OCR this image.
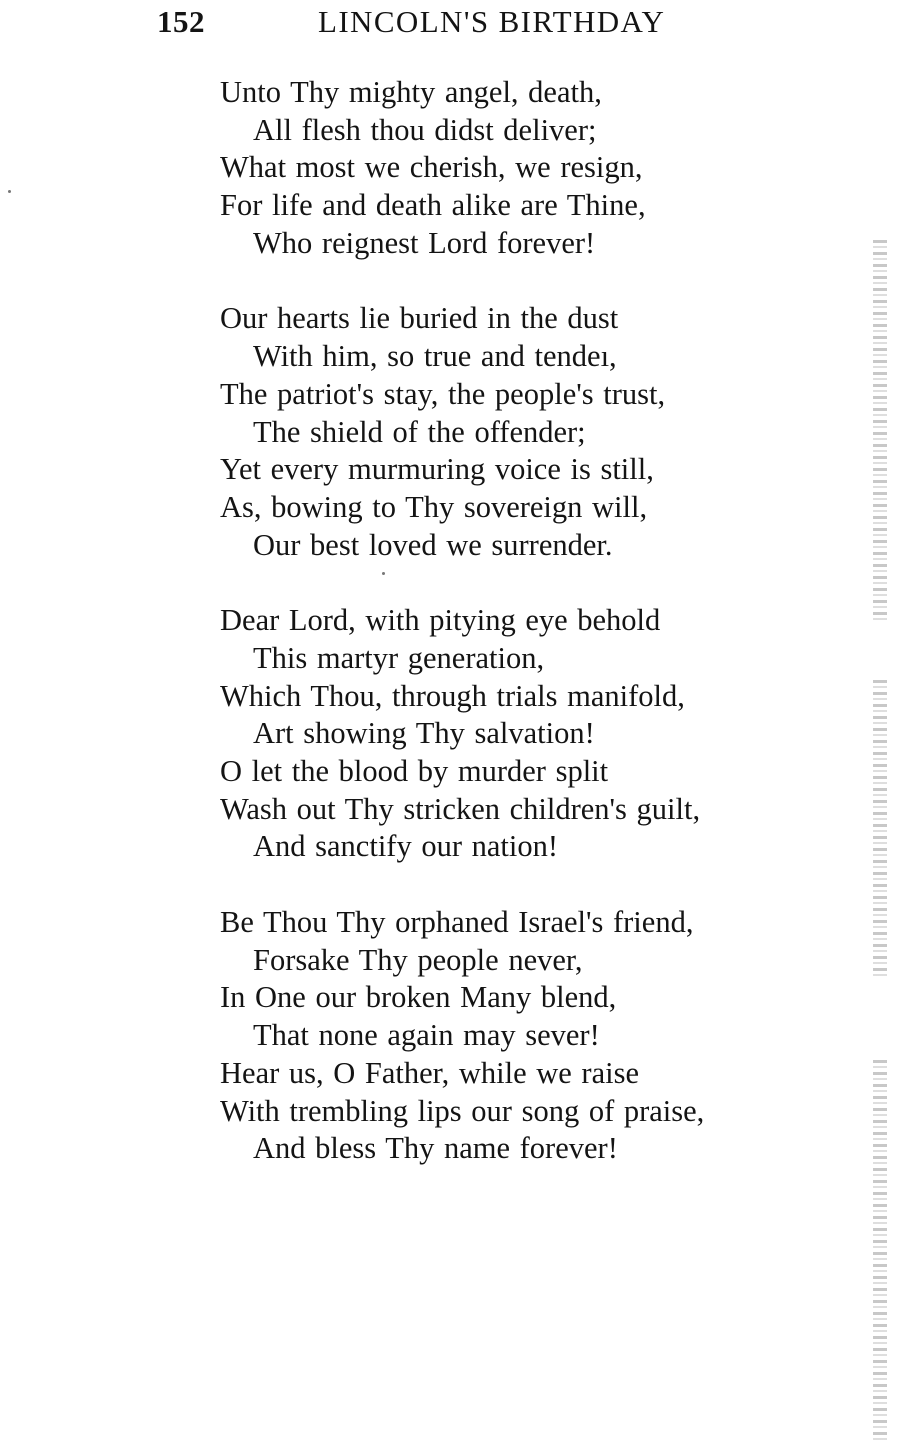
152	LINCOLN'S BIRTHDAY
Unto Thy mighty angel, death,
All flesh thou didst deliver;
What most we cherish, we resign,
For life and death alike are Thine,
Who reignest Lord forever!
Our hearts lie buried in the dust
With him, so true and tendeı,
The patriot's stay, the people's trust,
The shield of the offender;
Yet every murmuring voice is still,
As, bowing to Thy sovereign will,
Our best loved we surrender.
Dear Lord, with pitying eye behold
This martyr generation,
Which Thou, through trials manifold,
Art showing Thy salvation!
O let the blood by murder split
Wash out Thy stricken children's guilt,
And sanctify our nation!
Be Thou Thy orphaned Israel's friend,
Forsake Thy people never,
In One our broken Many blend,
That none again may sever!
Hear us, O Father, while we raise
With trembling lips our song of praise,
And bless Thy name forever!
